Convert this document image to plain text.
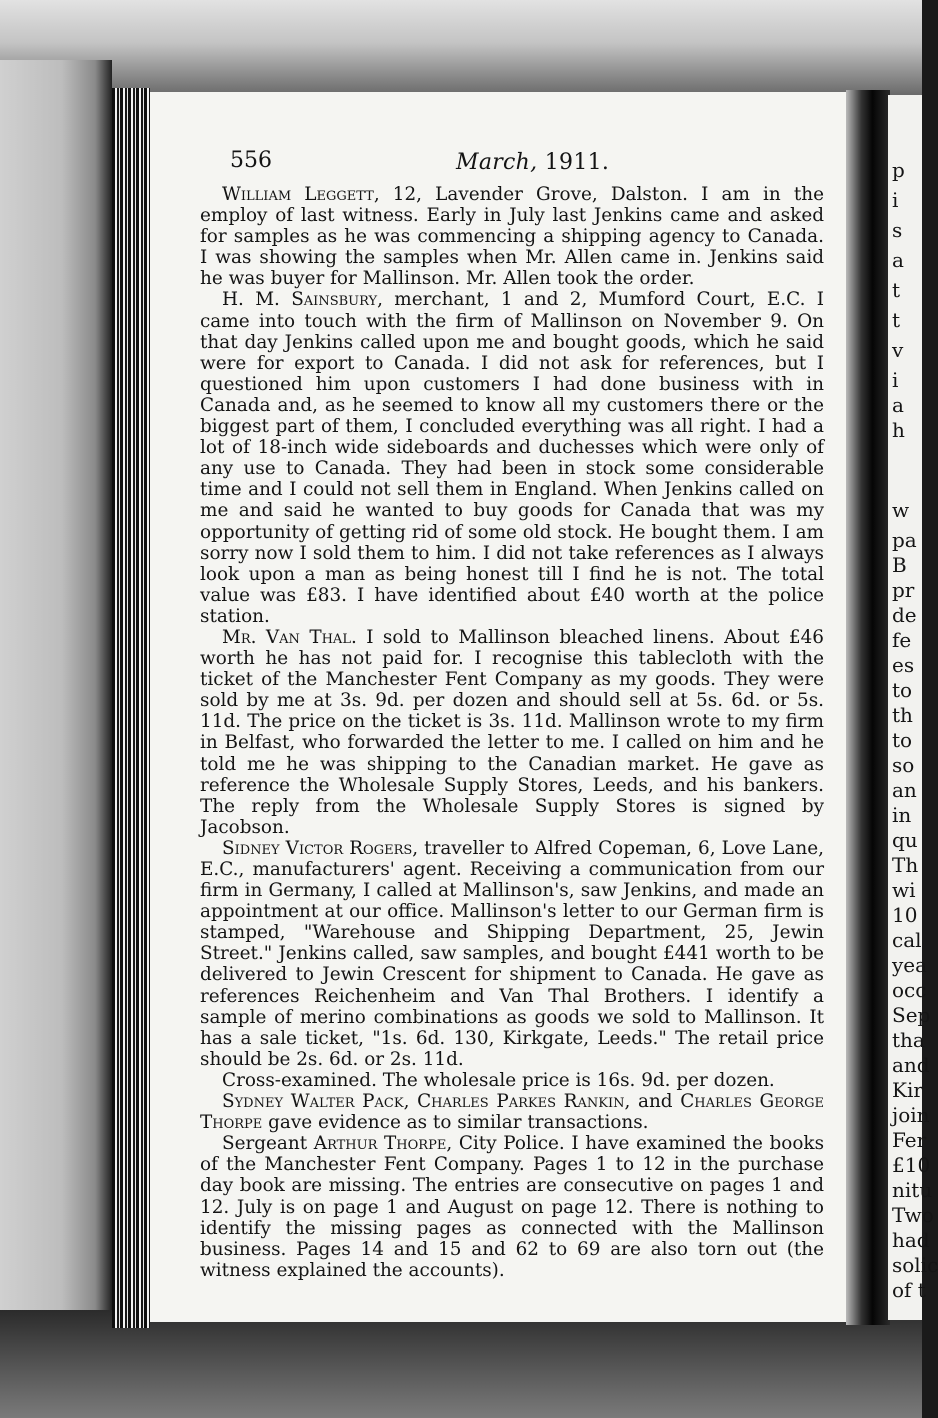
556	March, 1911.

William Leggett, 12, Lavender Grove, Dalston. I am in the employ of last witness. Early in July last Jenkins came and asked for samples as he was commencing a shipping agency to Canada. I was showing the samples when Mr. Allen came in. Jenkins said he was buyer for Mallinson. Mr. Allen took the order.

H. M. Sainsbury, merchant, 1 and 2, Mumford Court, E.C. I came into touch with the firm of Mallinson on November 9. On that day Jenkins called upon me and bought goods, which he said were for export to Canada. I did not ask for references, but I questioned him upon customers I had done business with in Canada and, as he seemed to know all my customers there or the biggest part of them, I concluded everything was all right. I had a lot of 18-inch wide sideboards and duchesses which were only of any use to Canada. They had been in stock some considerable time and I could not sell them in England. When Jenkins called on me and said he wanted to buy goods for Canada that was my opportunity of getting rid of some old stock. He bought them. I am sorry now I sold them to him. I did not take references as I always look upon a man as being honest till I find he is not. The total value was £83. I have identified about £40 worth at the police station.

Mr. Van Thal. I sold to Mallinson bleached linens. About £46 worth he has not paid for. I recognise this tablecloth with the ticket of the Manchester Fent Company as my goods. They were sold by me at 3s. 9d. per dozen and should sell at 5s. 6d. or 5s. 11d. The price on the ticket is 3s. 11d. Mallinson wrote to my firm in Belfast, who forwarded the letter to me. I called on him and he told me he was shipping to the Canadian market. He gave as reference the Wholesale Supply Stores, Leeds, and his bankers. The reply from the Wholesale Supply Stores is signed by Jacobson.

Sidney Victor Rogers, traveller to Alfred Copeman, 6, Love Lane, E.C., manufacturers' agent. Receiving a communication from our firm in Germany, I called at Mallinson's, saw Jenkins, and made an appointment at our office. Mallinson's letter to our German firm is stamped, "Warehouse and Shipping Department, 25, Jewin Street." Jenkins called, saw samples, and bought £441 worth to be delivered to Jewin Crescent for shipment to Canada. He gave as references Reichenheim and Van Thal Brothers. I identify a sample of merino combinations as goods we sold to Mallinson. It has a sale ticket, "1s. 6d. 130, Kirkgate, Leeds." The retail price should be 2s. 6d. or 2s. 11d.

Cross-examined. The wholesale price is 16s. 9d. per dozen.

Sydney Walter Pack, Charles Parkes Rankin, and Charles George Thorpe gave evidence as to similar transactions.

Sergeant Arthur Thorpe, City Police. I have examined the books of the Manchester Fent Company. Pages 1 to 12 in the purchase day book are missing. The entries are consecutive on pages 1 and 12. July is on page 1 and August on page 12. There is nothing to identify the missing pages as connected with the Mallinson business. Pages 14 and 15 and 62 to 69 are also torn out (the witness explained the accounts).

p
i
s
a
t
t
v
i
a
h
w
pa
B
pr
de
fe
es
to
th
to
so
an
in
qu
Th
wi
10
cal
yea
occ
Sep
tha
and
Kir
join
Fer
£10
nitu
Two
had
solic
of t
